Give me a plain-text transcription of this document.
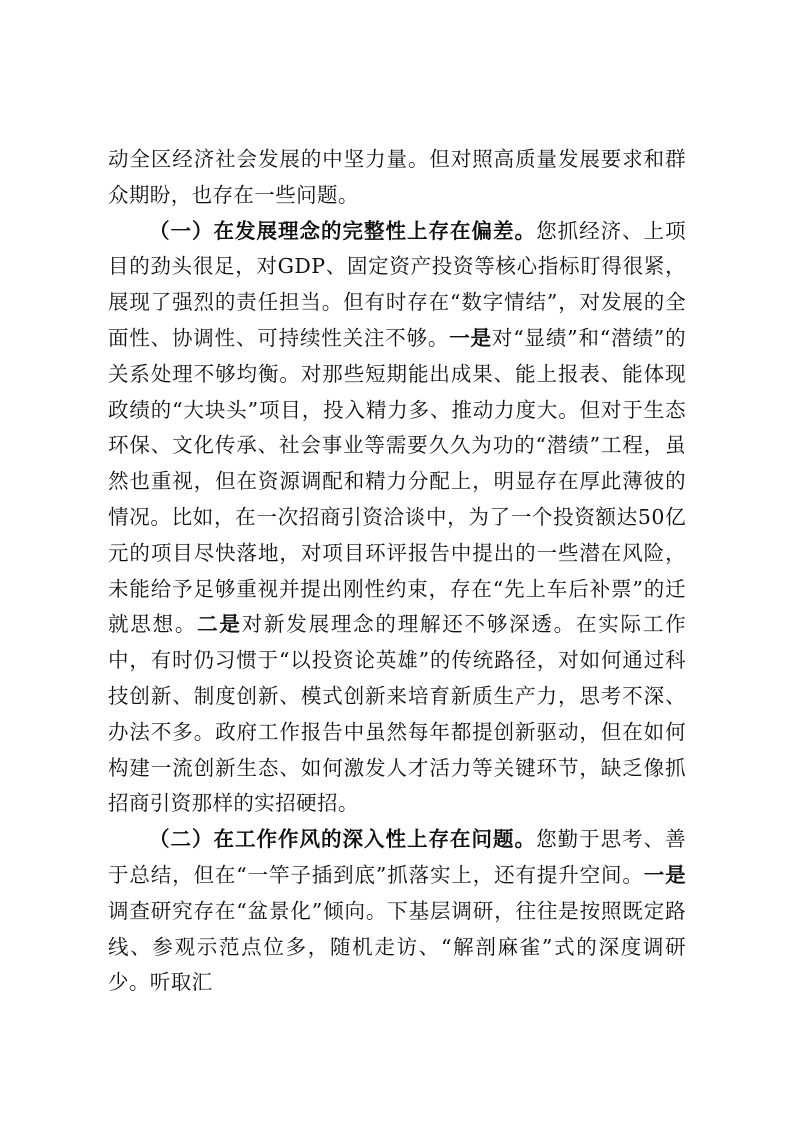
动全区经济社会发展的中坚力量。但对照高质量发展要求和群众期盼，也存在一些问题。

（一）在发展理念的完整性上存在偏差。您抓经济、上项目的劲头很足，对GDP、固定资产投资等核心指标盯得很紧，展现了强烈的责任担当。但有时存在“数字情结”，对发展的全面性、协调性、可持续性关注不够。一是对“显绩”和“潜绩”的关系处理不够均衡。对那些短期能出成果、能上报表、能体现政绩的“大块头”项目，投入精力多、推动力度大。但对于生态环保、文化传承、社会事业等需要久久为功的“潜绩”工程，虽然也重视，但在资源调配和精力分配上，明显存在厚此薄彼的情况。比如，在一次招商引资洽谈中，为了一个投资额达50亿元的项目尽快落地，对项目环评报告中提出的一些潜在风险，未能给予足够重视并提出刚性约束，存在“先上车后补票”的迁就思想。二是对新发展理念的理解还不够深透。在实际工作中，有时仍习惯于“以投资论英雄”的传统路径，对如何通过科技创新、制度创新、模式创新来培育新质生产力，思考不深、办法不多。政府工作报告中虽然每年都提创新驱动，但在如何构建一流创新生态、如何激发人才活力等关键环节，缺乏像抓招商引资那样的实招硬招。

（二）在工作作风的深入性上存在问题。您勤于思考、善于总结，但在“一竿子插到底”抓落实上，还有提升空间。一是调查研究存在“盆景化”倾向。下基层调研，往往是按照既定路线、参观示范点位多，随机走访、“解剖麻雀”式的深度调研少。听取汇
